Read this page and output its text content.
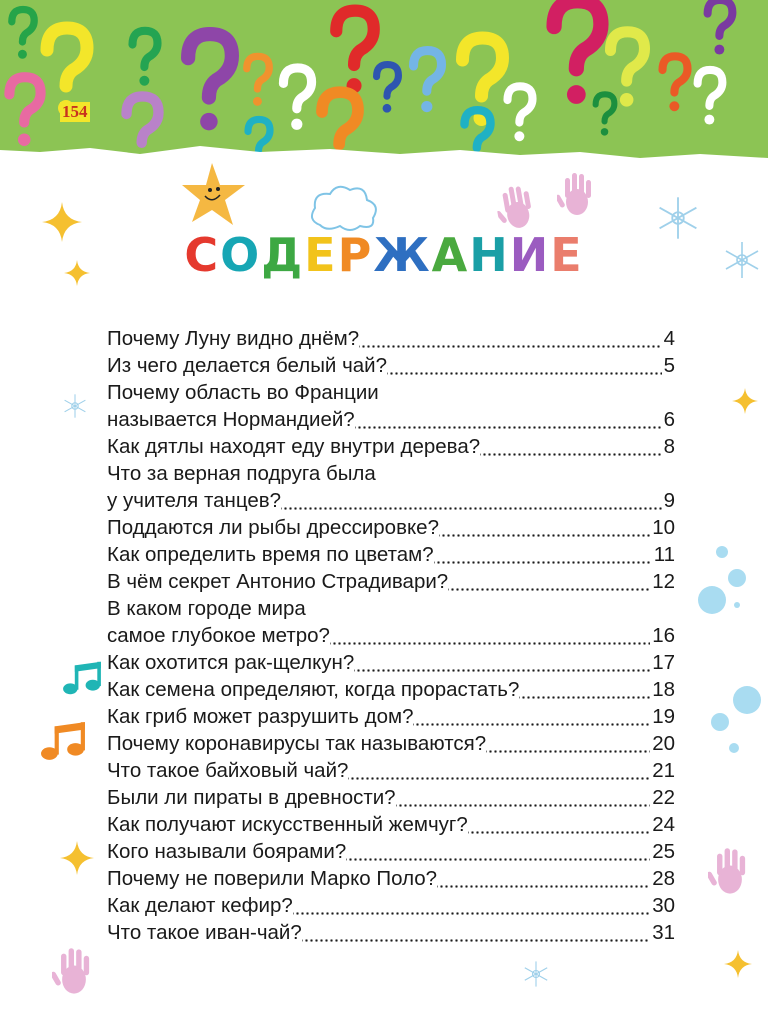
154
СОДЕРЖАНИЕ
Почему Луну видно днём?	4
Из чего делается белый чай?	5
Почему область во Франции
называется Нормандией?	6
Как дятлы находят еду внутри дерева?	8
Что за верная подруга была
у учителя танцев?	9
Поддаются ли рыбы дрессировке?	10
Как определить время по цветам?	11
В чём секрет Антонио Страдивари?	12
В каком городе мира
самое глубокое метро?	16
Как охотится рак-щелкун?	17
Как семена определяют, когда прорастать?	18
Как гриб может разрушить дом?	19
Почему коронавирусы так называются?	20
Что такое байховый чай?	21
Были ли пираты в древности?	22
Как получают искусственный жемчуг?	24
Кого называли боярами?	25
Почему не поверили Марко Поло?	28
Как делают кефир?	30
Что такое иван-чай?	31
